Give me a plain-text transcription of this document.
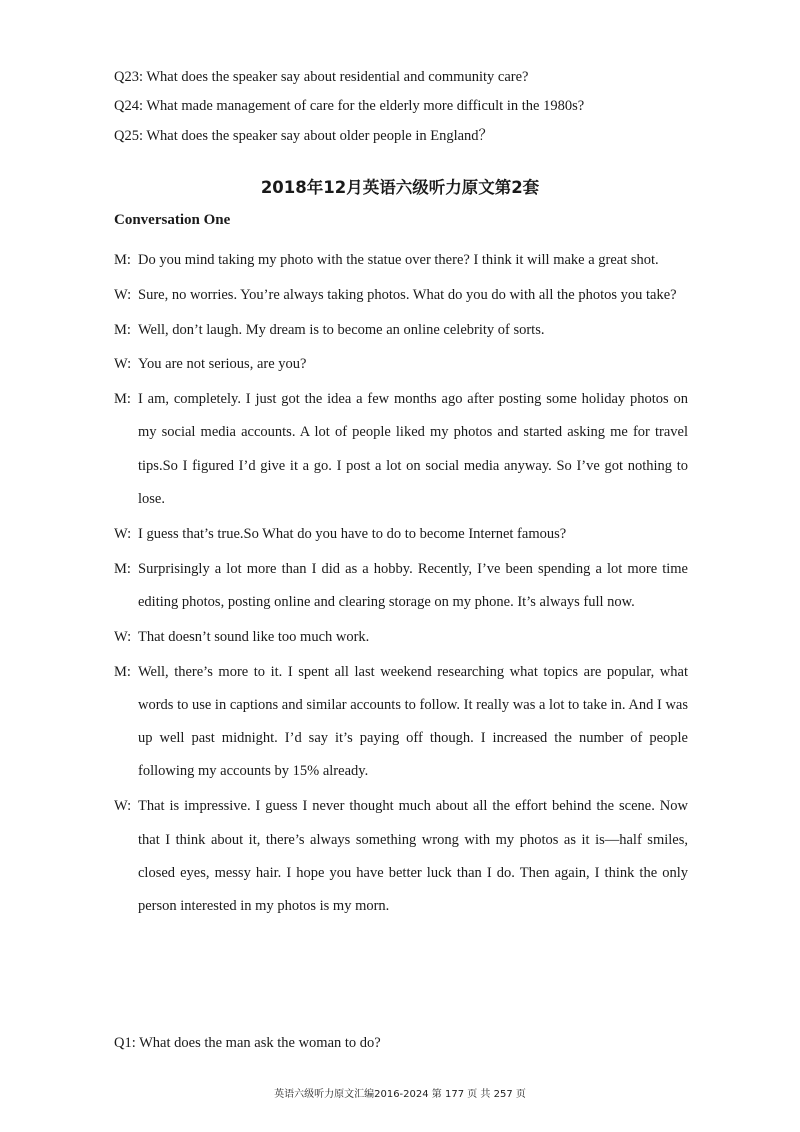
Q23: What does the speaker say about residential and community care?
Q24: What made management of care for the elderly more difficult in the 1980s?
Q25: What does the speaker say about older people in England？
2018年12月英语六级听力原文第2套
Conversation One
M: Do you mind taking my photo with the statue over there? I think it will make a great shot.
W: Sure, no worries. You’re always taking photos. What do you do with all the photos you take?
M: Well, don’t laugh. My dream is to become an online celebrity of sorts.
W: You are not serious, are you?
M: I am, completely. I just got the idea a few months ago after posting some holiday photos on my social media accounts. A lot of people liked my photos and started asking me for travel tips.So I figured I’d give it a go. I post a lot on social media anyway. So I’ve got nothing to lose.
W: I guess that’s true.So What do you have to do to become Internet famous?
M: Surprisingly a lot more than I did as a hobby. Recently, I’ve been spending a lot more time editing photos, posting online and clearing storage on my phone. It’s always full now.
W: That doesn’t sound like too much work.
M: Well, there’s more to it. I spent all last weekend researching what topics are popular, what words to use in captions and similar accounts to follow. It really was a lot to take in. And I was up well past midnight. I’d say it’s paying off though. I increased the number of people following my accounts by 15% already.
W: That is impressive. I guess I never thought much about all the effort behind the scene. Now that I think about it, there’s always something wrong with my photos as it is—half smiles, closed eyes, messy hair. I hope you have better luck than I do. Then again, I think the only person interested in my photos is my morn.
Q1: What does the man ask the woman to do?
英语六级听力原文汇编2016-2024 第 177 页 共 257 页
